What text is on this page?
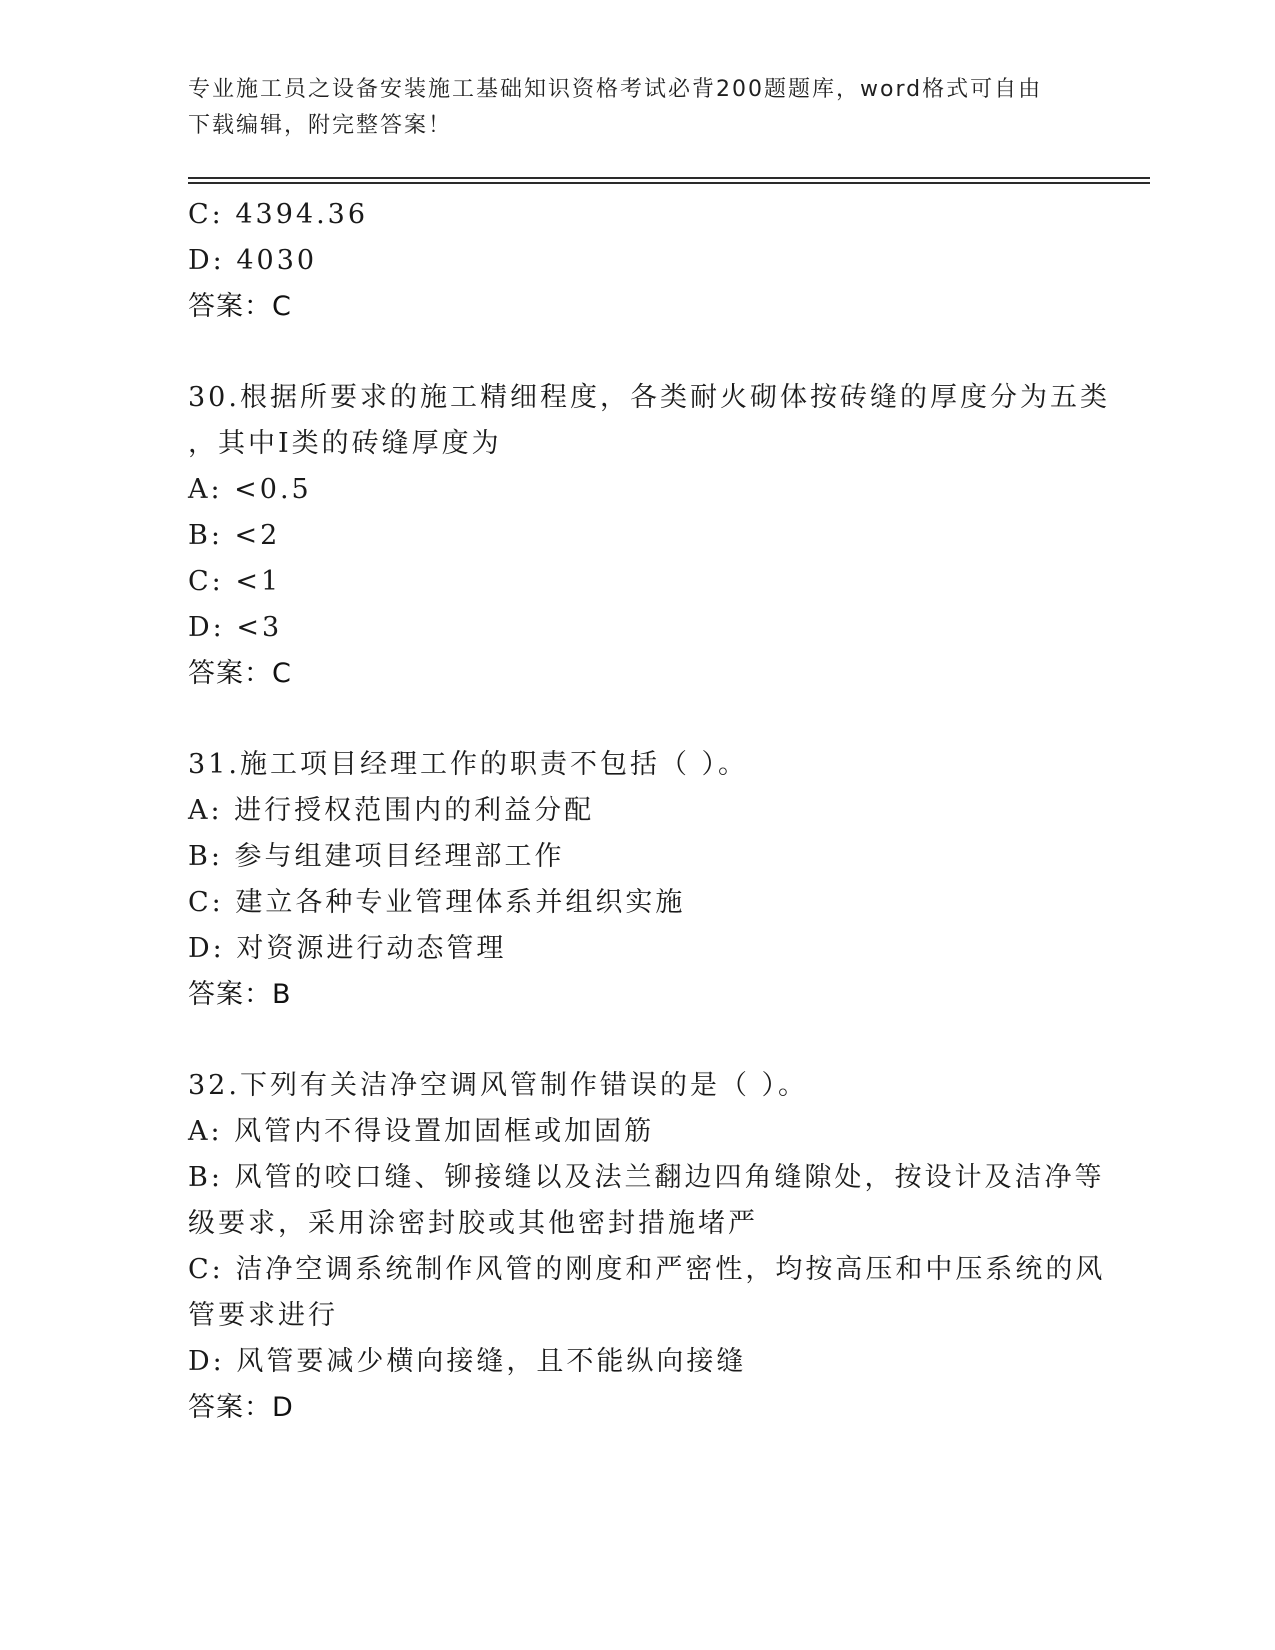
专业施工员之设备安装施工基础知识资格考试必背200题题库，word格式可自由
下载编辑，附完整答案！
C: 4394.36
D: 4030
答案：C
30.根据所要求的施工精细程度，各类耐火砌体按砖缝的厚度分为五类
，其中Ⅰ类的砖缝厚度为
A: <0.5
B: <2
C: <1
D: <3
答案：C
31.施工项目经理工作的职责不包括（ ）。
A: 进行授权范围内的利益分配
B: 参与组建项目经理部工作
C: 建立各种专业管理体系并组织实施
D: 对资源进行动态管理
答案：B
32.下列有关洁净空调风管制作错误的是（ ）。
A: 风管内不得设置加固框或加固筋
B: 风管的咬口缝、铆接缝以及法兰翻边四角缝隙处，按设计及洁净等
级要求，采用涂密封胶或其他密封措施堵严
C: 洁净空调系统制作风管的刚度和严密性，均按高压和中压系统的风
管要求进行
D: 风管要减少横向接缝，且不能纵向接缝
答案：D
